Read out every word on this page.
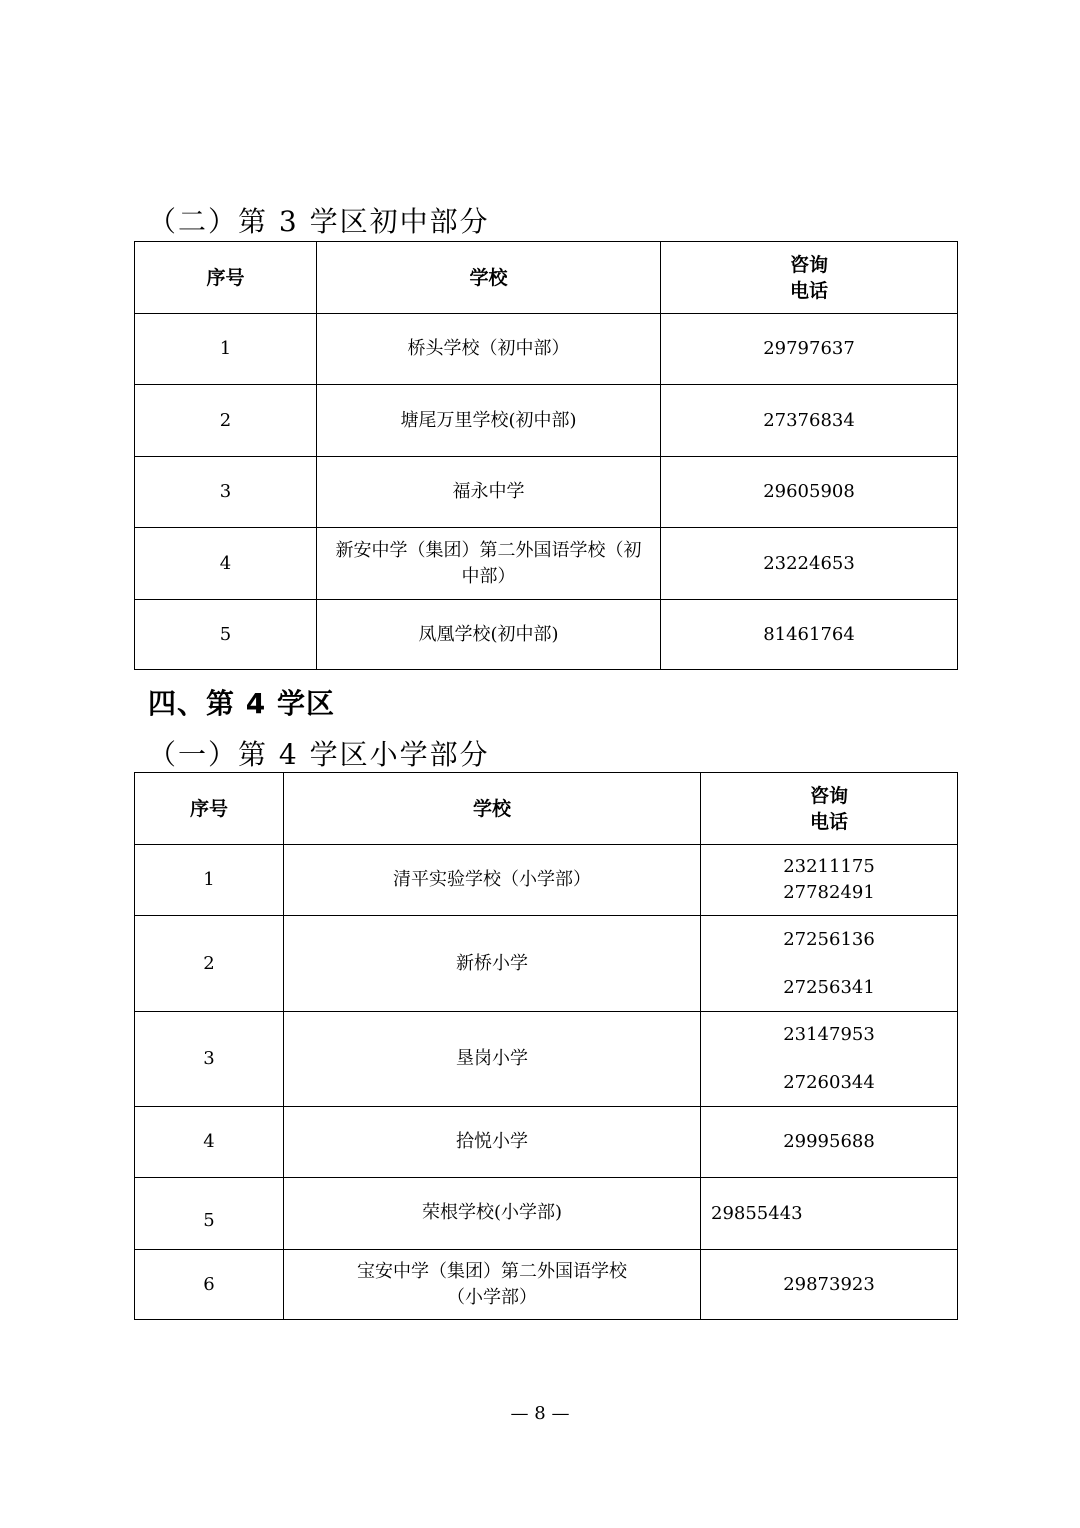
（二）第 3 学区初中部分
序号	学校	咨询
电话

1	桥头学校（初中部）	29797637
2	塘尾万里学校(初中部)	27376834
3	福永中学	29605908
4	新安中学（集团）第二外国语学校（初
中部）	23224653
5	凤凰学校(初中部)	81461764
四、第 4 学区
（一）第 4 学区小学部分
序号	学校	咨询
电话

1	清平实验学校（小学部）	23211175
27782491

2	新桥小学	27256136
27256341

3	垦岗小学	23147953
27260344

4	拾悦小学	29995688
5	荣根学校(小学部)	29855443
6	宝安中学（集团）第二外国语学校
（小学部）	29873923
— 8 —
